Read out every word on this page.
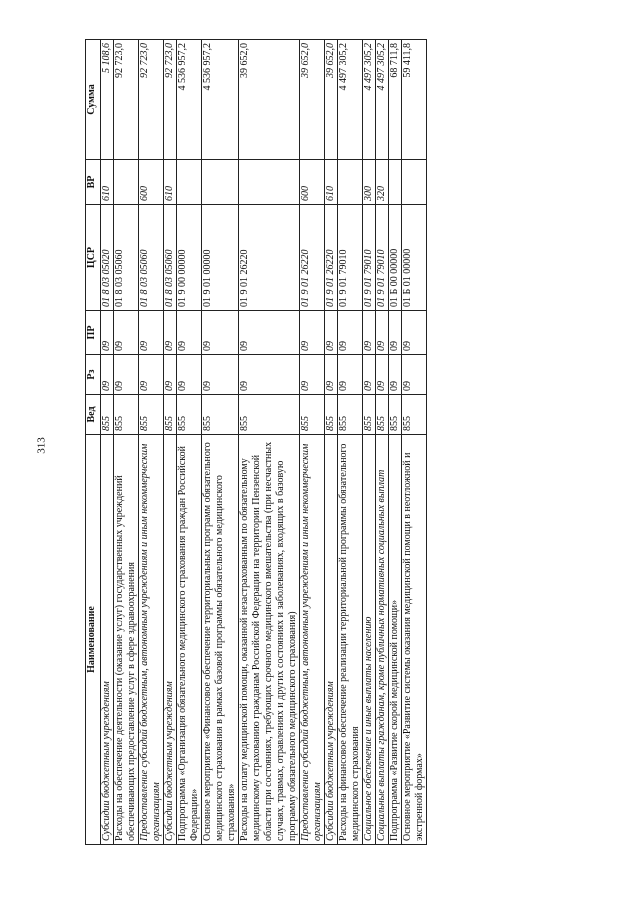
313
Наименование	Вед	Рз	ПР	ЦСР	ВР	Сумма
Субсидии бюджетным учреждениям	855	09	09	01 8 03 05020	610	5 108,6
Расходы на обеспечение деятельности (оказание услуг) государственных учреждений обеспечивающих предоставление услуг в сфере здравоохранения	855	09	09	01 8 03 05060		92 723,0
Предоставление субсидий бюджетным, автономным учреждениям и иным некоммерческим организациям	855	09	09	01 8 03 05060	600	92 723,0
Субсидии бюджетным учреждениям	855	09	09	01 8 03 05060	610	92 723,0
Подпрограмма «Организация обязательного медицинского страхования граждан Российской Федерации»	855	09	09	01 9 00 00000		4 536 957,2
Основное мероприятие «Финансовое обеспечение территориальных программ обязательного медицинского страхования в рамках базовой программы обязательного медицинского страхования»	855	09	09	01 9 01 00000		4 536 957,2
Расходы на оплату медицинской помощи, оказанной незастрахованным по обязательному медицинскому страхованию гражданам Российской Федерации на территории Пензенской области при состояниях, требующих срочного медицинского вмешательства (при несчастных случаях, травмах, отравлениях и других состояниях и заболеваниях, входящих в базовую программу обязательного медицинского страхования)	855	09	09	01 9 01 26220		39 652,0
Предоставление субсидий бюджетным, автономным учреждениям и иным некоммерческим организациям	855	09	09	01 9 01 26220	600	39 652,0
Субсидии бюджетным учреждениям	855	09	09	01 9 01 26220	610	39 652,0
Расходы на финансовое обеспечение реализации территориальной программы обязательного медицинского страхования	855	09	09	01 9 01 79010		4 497 305,2
Социальное обеспечение и иные выплаты населению	855	09	09	01 9 01 79010	300	4 497 305,2
Социальные выплаты гражданам, кроме публичных нормативных социальных выплат	855	09	09	01 9 01 79010	320	4 497 305,2
Подпрограмма «Развитие скорой медицинской помощи»	855	09	09	01 Б 00 00000		68 711,8
Основное мероприятие «Развитие системы оказания медицинской помощи в неотложной и экстренной формах»	855	09	09	01 Б 01 00000		59 411,8
